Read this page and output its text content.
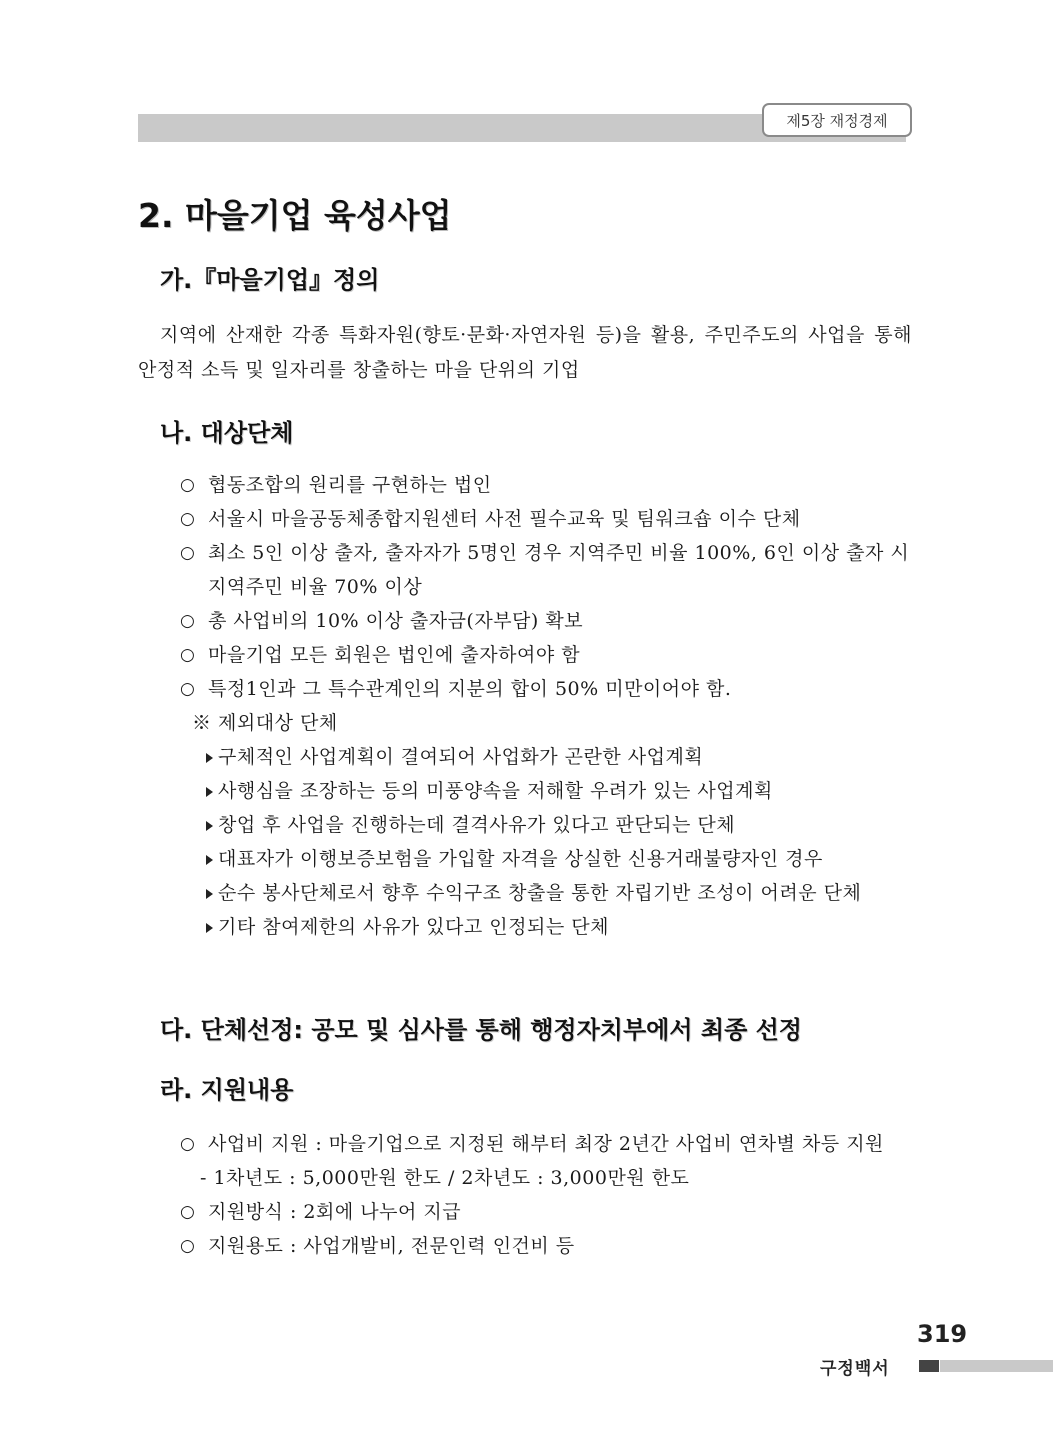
제5장 재정경제
2. 마을기업 육성사업
가.『마을기업』정의

지역에 산재한 각종 특화자원(향토·문화·자연자원 등)을 활용, 주민주도의 사업을 통해 안정적 소득 및 일자리를 창출하는 마을 단위의 기업

나. 대상단체
○ 협동조합의 원리를 구현하는 법인
○ 서울시 마을공동체종합지원센터 사전 필수교육 및 팀워크숍 이수 단체
○ 최소 5인 이상 출자, 출자자가 5명인 경우 지역주민 비율 100%, 6인 이상 출자 시 지역주민 비율 70% 이상
○ 총 사업비의 10% 이상 출자금(자부담) 확보
○ 마을기업 모든 회원은 법인에 출자하여야 함
○ 특정1인과 그 특수관계인의 지분의 합이 50% 미만이어야 함.
※ 제외대상 단체
구체적인 사업계획이 결여되어 사업화가 곤란한 사업계획
사행심을 조장하는 등의 미풍양속을 저해할 우려가 있는 사업계획
창업 후 사업을 진행하는데 결격사유가 있다고 판단되는 단체
대표자가 이행보증보험을 가입할 자격을 상실한 신용거래불량자인 경우
순수 봉사단체로서 향후 수익구조 창출을 통한 자립기반 조성이 어려운 단체
기타 참여제한의 사유가 있다고 인정되는 단체
다. 단체선정: 공모 및 심사를 통해 행정자치부에서 최종 선정
라. 지원내용
○ 사업비 지원 : 마을기업으로 지정된 해부터 최장 2년간 사업비 연차별 차등 지원
- 1차년도 : 5,000만원 한도 / 2차년도 : 3,000만원 한도
○ 지원방식 : 2회에 나누어 지급
○ 지원용도 : 사업개발비, 전문인력 인건비 등
319
구정백서
